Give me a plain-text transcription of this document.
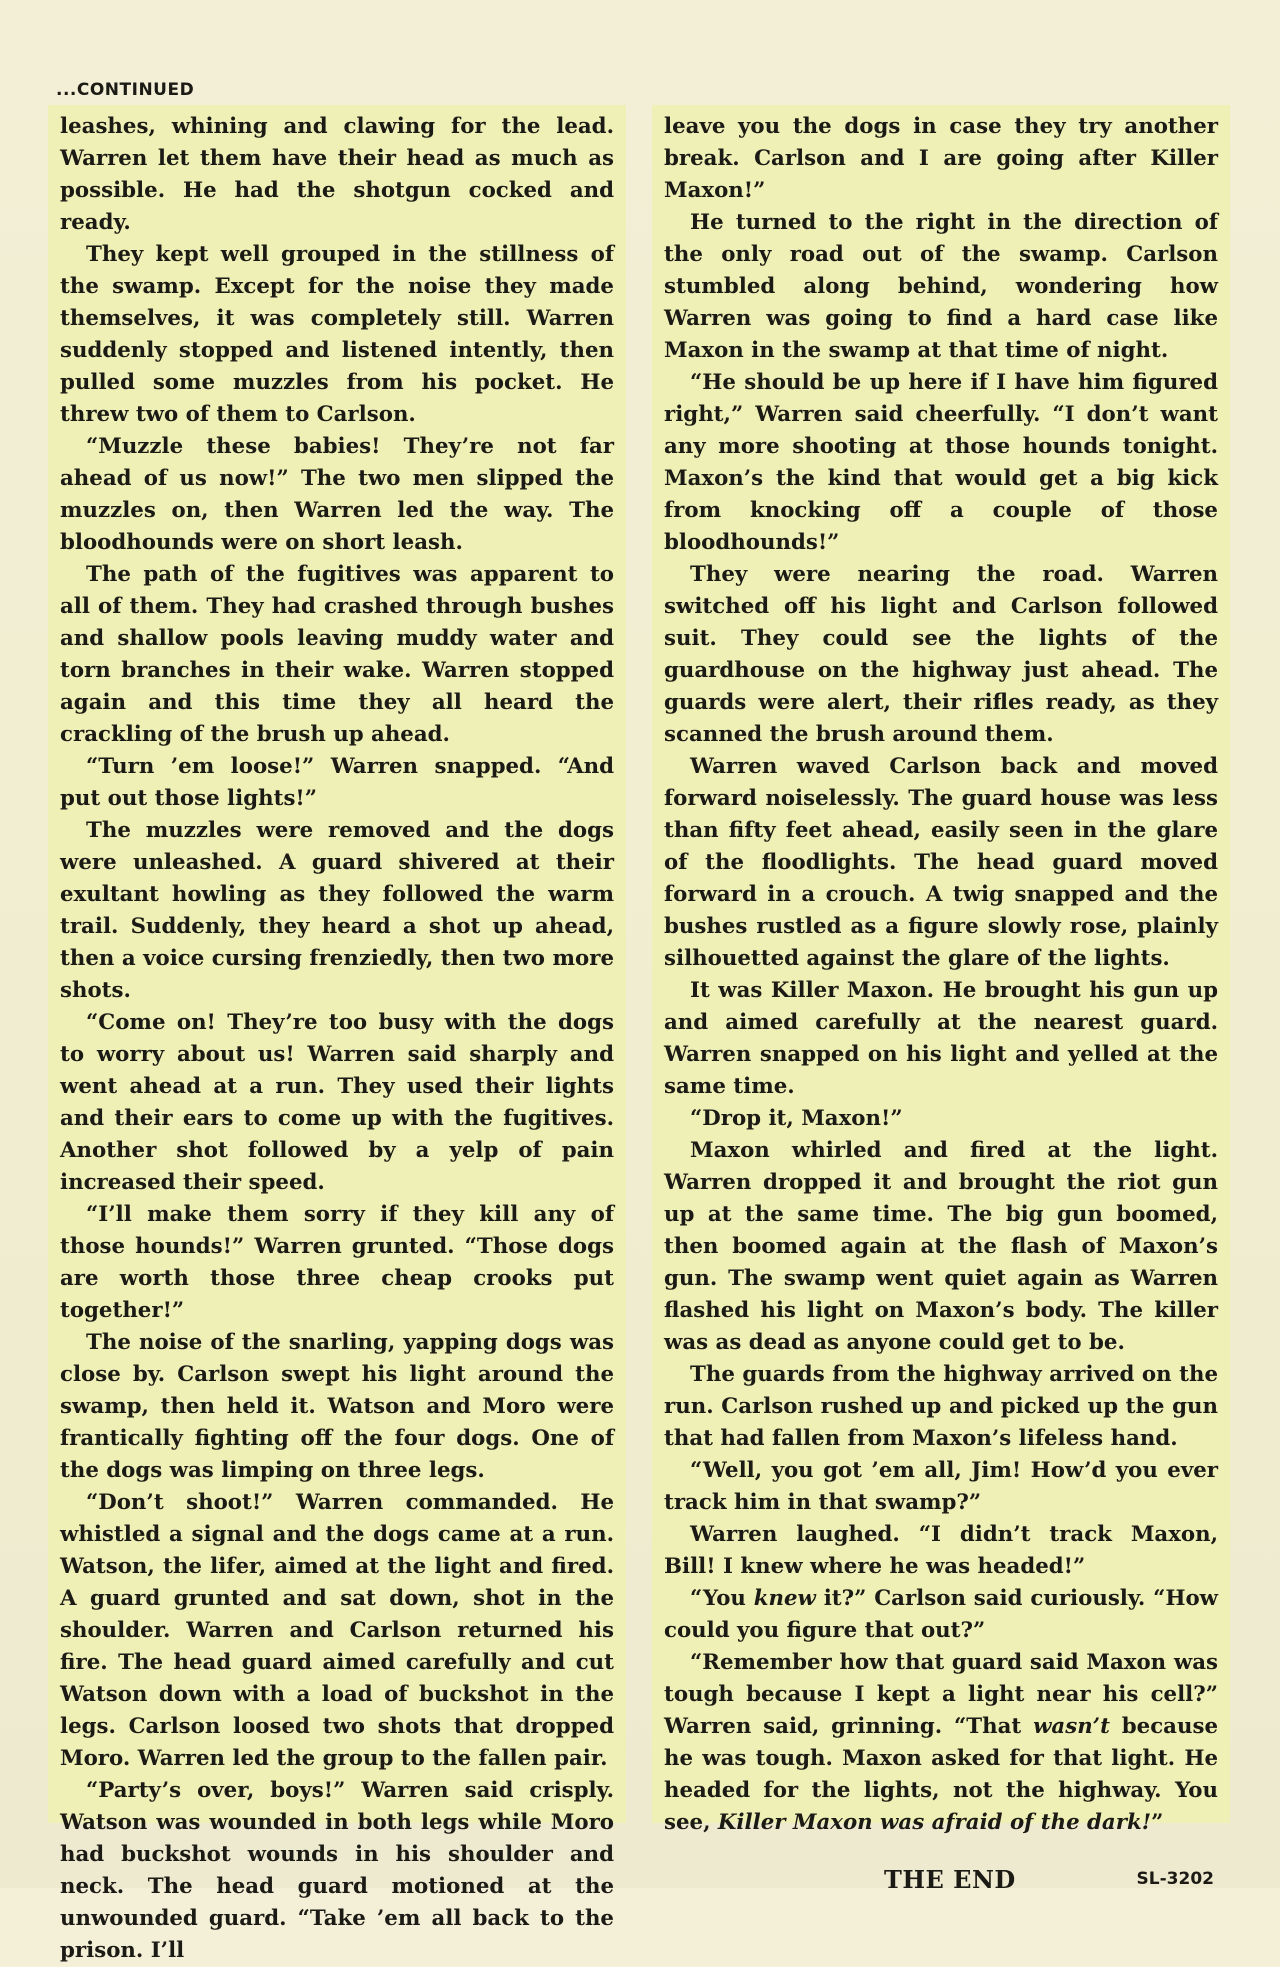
...CONTINUED

leashes, whining and clawing for the lead. Warren let them have their head as much as possible. He had the shotgun cocked and ready.

They kept well grouped in the stillness of the swamp. Except for the noise they made themselves, it was completely still. Warren suddenly stopped and listened intently, then pulled some muzzles from his pocket. He threw two of them to Carlson.

“Muzzle these babies! They’re not far ahead of us now!” The two men slipped the muzzles on, then Warren led the way. The bloodhounds were on short leash.

The path of the fugitives was apparent to all of them. They had crashed through bushes and shallow pools leaving muddy water and torn branches in their wake. Warren stopped again and this time they all heard the crackling of the brush up ahead.

“Turn ’em loose!” Warren snapped. “And put out those lights!”

The muzzles were removed and the dogs were unleashed. A guard shivered at their exultant howling as they followed the warm trail. Suddenly, they heard a shot up ahead, then a voice cursing frenziedly, then two more shots.

“Come on! They’re too busy with the dogs to worry about us! Warren said sharply and went ahead at a run. They used their lights and their ears to come up with the fugitives. Another shot followed by a yelp of pain increased their speed.

“I’ll make them sorry if they kill any of those hounds!” Warren grunted. “Those dogs are worth those three cheap crooks put together!”

The noise of the snarling, yapping dogs was close by. Carlson swept his light around the swamp, then held it. Watson and Moro were frantically fighting off the four dogs. One of the dogs was limping on three legs.

“Don’t shoot!” Warren commanded. He whistled a signal and the dogs came at a run. Watson, the lifer, aimed at the light and fired. A guard grunted and sat down, shot in the shoulder. Warren and Carlson returned his fire. The head guard aimed carefully and cut Watson down with a load of buckshot in the legs. Carlson loosed two shots that dropped Moro. Warren led the group to the fallen pair.

“Party’s over, boys!” Warren said crisply. Watson was wounded in both legs while Moro had buckshot wounds in his shoulder and neck. The head guard motioned at the unwounded guard. “Take ’em all back to the prison. I’ll

leave you the dogs in case they try another break. Carlson and I are going after Killer Maxon!”

He turned to the right in the direction of the only road out of the swamp. Carlson stumbled along behind, wondering how Warren was going to find a hard case like Maxon in the swamp at that time of night.

“He should be up here if I have him figured right,” Warren said cheerfully. “I don’t want any more shooting at those hounds tonight. Maxon’s the kind that would get a big kick from knocking off a couple of those bloodhounds!”

They were nearing the road. Warren switched off his light and Carlson followed suit. They could see the lights of the guardhouse on the highway just ahead. The guards were alert, their rifles ready, as they scanned the brush around them.

Warren waved Carlson back and moved forward noiselessly. The guard house was less than fifty feet ahead, easily seen in the glare of the floodlights. The head guard moved forward in a crouch. A twig snapped and the bushes rustled as a figure slowly rose, plainly silhouetted against the glare of the lights.

It was Killer Maxon. He brought his gun up and aimed carefully at the nearest guard. Warren snapped on his light and yelled at the same time.

“Drop it, Maxon!”

Maxon whirled and fired at the light. Warren dropped it and brought the riot gun up at the same time. The big gun boomed, then boomed again at the flash of Maxon’s gun. The swamp went quiet again as Warren flashed his light on Maxon’s body. The killer was as dead as anyone could get to be.

The guards from the highway arrived on the run. Carlson rushed up and picked up the gun that had fallen from Maxon’s lifeless hand.

“Well, you got ’em all, Jim! How’d you ever track him in that swamp?”

Warren laughed. “I didn’t track Maxon, Bill! I knew where he was headed!”

“You knew it?” Carlson said curiously. “How could you figure that out?”

“Remember how that guard said Maxon was tough because I kept a light near his cell?” Warren said, grinning. “That wasn’t because he was tough. Maxon asked for that light. He headed for the lights, not the highway. You see, Killer Maxon was afraid of the dark!”

THE END	SL-3202
